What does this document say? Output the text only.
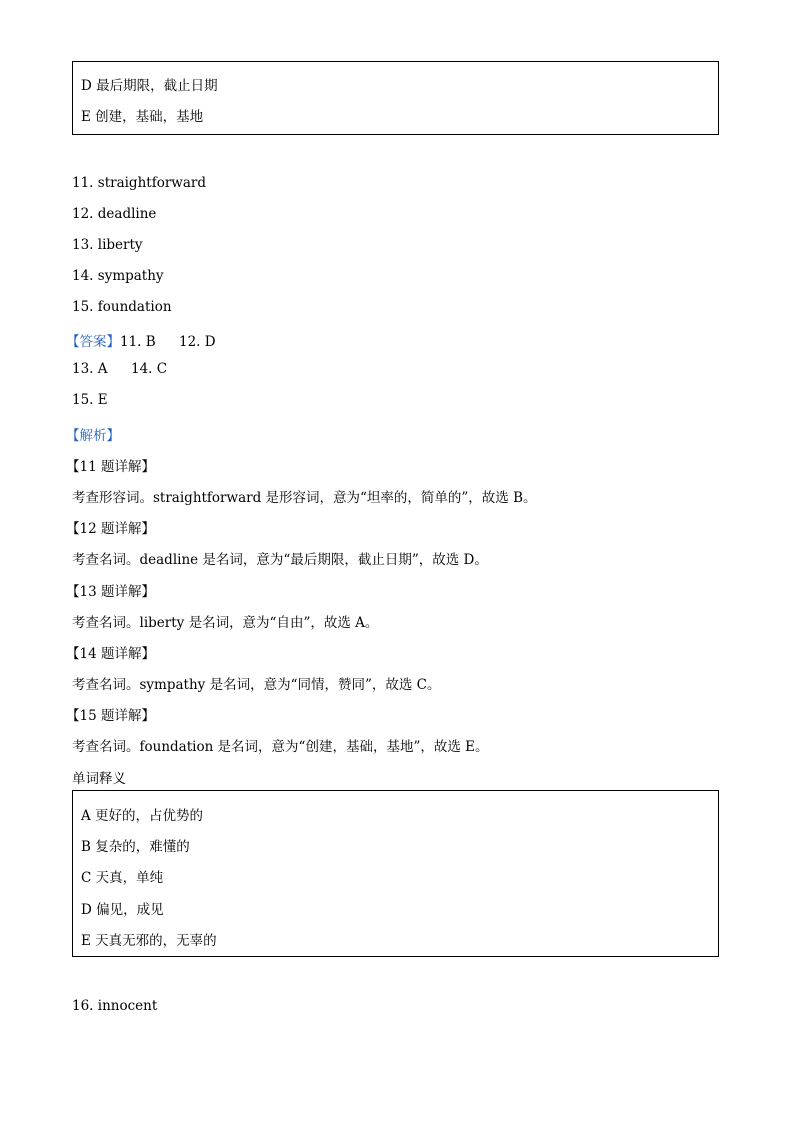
D 最后期限，截止日期
E 创建，基础，基地
11. straightforward
12. deadline
13. liberty
14. sympathy
15. foundation
【答案】11. B 12. D
13. A 14. C
15. E
【解析】
【11 题详解】
考查形容词。straightforward 是形容词，意为“坦率的，简单的”，故选 B。
【12 题详解】
考查名词。deadline 是名词，意为“最后期限，截止日期”，故选 D。
【13 题详解】
考查名词。liberty 是名词，意为“自由”，故选 A。
【14 题详解】
考查名词。sympathy 是名词，意为“同情，赞同”，故选 C。
【15 题详解】
考查名词。foundation 是名词，意为“创建，基础，基地”，故选 E。
单词释义
A 更好的，占优势的
B 复杂的，难懂的
C 天真，单纯
D 偏见，成见
E 天真无邪的，无辜的
16. innocent
